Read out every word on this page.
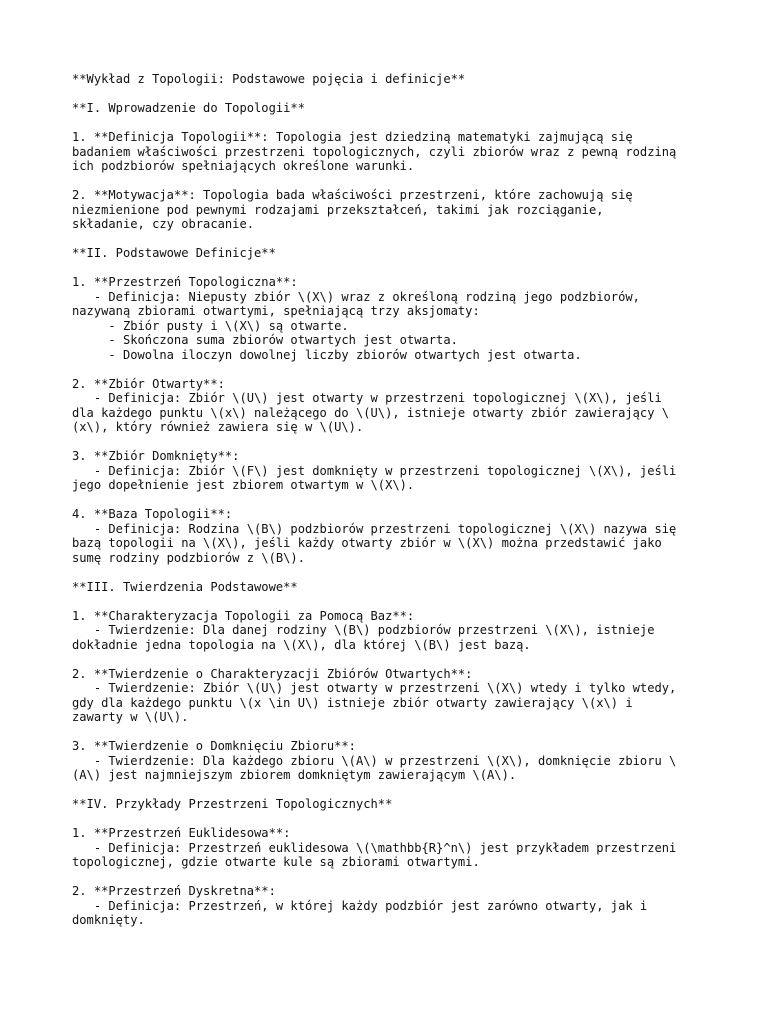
**Wykład z Topologii: Podstawowe pojęcia i definicje**
**I. Wprowadzenie do Topologii**
1. **Definicja Topologii**: Topologia jest dziedziną matematyki zajmującą się
badaniem właściwości przestrzeni topologicznych, czyli zbiorów wraz z pewną rodziną
ich podzbiorów spełniających określone warunki.
2. **Motywacja**: Topologia bada właściwości przestrzeni, które zachowują się
niezmienione pod pewnymi rodzajami przekształceń, takimi jak rozciąganie,
składanie, czy obracanie.
**II. Podstawowe Definicje**
1. **Przestrzeń Topologiczna**:
- Definicja: Niepusty zbiór \(X\) wraz z określoną rodziną jego podzbiorów,
nazywaną zbiorami otwartymi, spełniającą trzy aksjomaty:
- Zbiór pusty i \(X\) są otwarte.
- Skończona suma zbiorów otwartych jest otwarta.
- Dowolna iloczyn dowolnej liczby zbiorów otwartych jest otwarta.
2. **Zbiór Otwarty**:
- Definicja: Zbiór \(U\) jest otwarty w przestrzeni topologicznej \(X\), jeśli
dla każdego punktu \(x\) należącego do \(U\), istnieje otwarty zbiór zawierający \
(x\), który również zawiera się w \(U\).
3. **Zbiór Domknięty**:
- Definicja: Zbiór \(F\) jest domknięty w przestrzeni topologicznej \(X\), jeśli
jego dopełnienie jest zbiorem otwartym w \(X\).
4. **Baza Topologii**:
- Definicja: Rodzina \(B\) podzbiorów przestrzeni topologicznej \(X\) nazywa się
bazą topologii na \(X\), jeśli każdy otwarty zbiór w \(X\) można przedstawić jako
sumę rodziny podzbiorów z \(B\).
**III. Twierdzenia Podstawowe**
1. **Charakteryzacja Topologii za Pomocą Baz**:
- Twierdzenie: Dla danej rodziny \(B\) podzbiorów przestrzeni \(X\), istnieje
dokładnie jedna topologia na \(X\), dla której \(B\) jest bazą.
2. **Twierdzenie o Charakteryzacji Zbiórów Otwartych**:
- Twierdzenie: Zbiór \(U\) jest otwarty w przestrzeni \(X\) wtedy i tylko wtedy,
gdy dla każdego punktu \(x \in U\) istnieje zbiór otwarty zawierający \(x\) i
zawarty w \(U\).
3. **Twierdzenie o Domknięciu Zbioru**:
- Twierdzenie: Dla każdego zbioru \(A\) w przestrzeni \(X\), domknięcie zbioru \
(A\) jest najmniejszym zbiorem domkniętym zawierającym \(A\).
**IV. Przykłady Przestrzeni Topologicznych**
1. **Przestrzeń Euklidesowa**:
- Definicja: Przestrzeń euklidesowa \(\mathbb{R}^n\) jest przykładem przestrzeni
topologicznej, gdzie otwarte kule są zbiorami otwartymi.
2. **Przestrzeń Dyskretna**:
- Definicja: Przestrzeń, w której każdy podzbiór jest zarówno otwarty, jak i
domknięty.
